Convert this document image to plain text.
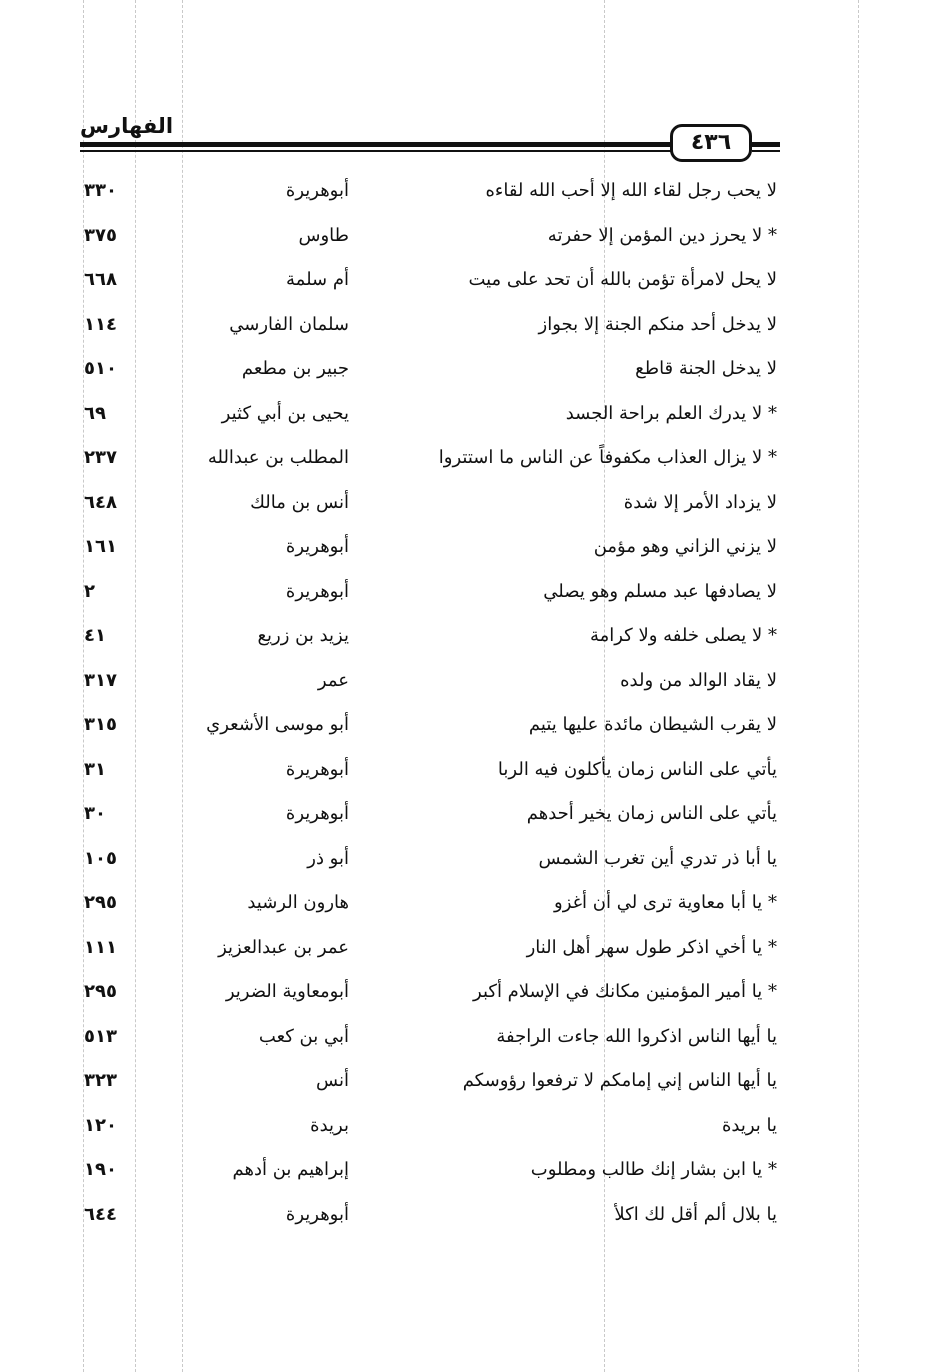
الفهارس
٤٣٦
لا يحب رجل لقاء الله إلا أحب الله لقاءه
أبوهريرة
٣٣٠
* لا يحرز دين المؤمن إلا حفرته
طاوس
٣٧٥
لا يحل لامرأة تؤمن بالله أن تحد على ميت
أم سلمة
٦٦٨
لا يدخل أحد منكم الجنة إلا بجواز
سلمان الفارسي
١١٤
لا يدخل الجنة قاطع
جبير بن مطعم
٥١٠
* لا يدرك العلم براحة الجسد
يحيى بن أبي كثير
٦٩
* لا يزال العذاب مكفوفاً عن الناس ما استتروا
المطلب بن عبدالله
٢٣٧
لا يزداد الأمر إلا شدة
أنس بن مالك
٦٤٨
لا يزني الزاني وهو مؤمن
أبوهريرة
١٦١
لا يصادفها عبد مسلم وهو يصلي
أبوهريرة
٢
* لا يصلى خلفه ولا كرامة
يزيد بن زريع
٤١
لا يقاد الوالد من ولده
عمر
٣١٧
لا يقرب الشيطان مائدة عليها يتيم
أبو موسى الأشعري
٣١٥
يأتي على الناس زمان يأكلون فيه الربا
أبوهريرة
٣١
يأتي على الناس زمان يخير أحدهم
أبوهريرة
٣٠
يا أبا ذر تدري أين تغرب الشمس
أبو ذر
١٠٥
* يا أبا معاوية ترى لي أن أغزو
هارون الرشيد
٢٩٥
* يا أخي اذكر طول سهر أهل النار
عمر بن عبدالعزيز
١١١
* يا أمير المؤمنين مكانك في الإسلام أكبر
أبومعاوية الضرير
٢٩٥
يا أيها الناس اذكروا الله جاءت الراجفة
أبي بن كعب
٥١٣
يا أيها الناس إني إمامكم لا ترفعوا رؤوسكم
أنس
٣٢٣
يا بريدة
بريدة
١٢٠
* يا ابن بشار إنك طالب ومطلوب
إبراهيم بن أدهم
١٩٠
يا بلال ألم أقل لك اكلأ
أبوهريرة
٦٤٤
